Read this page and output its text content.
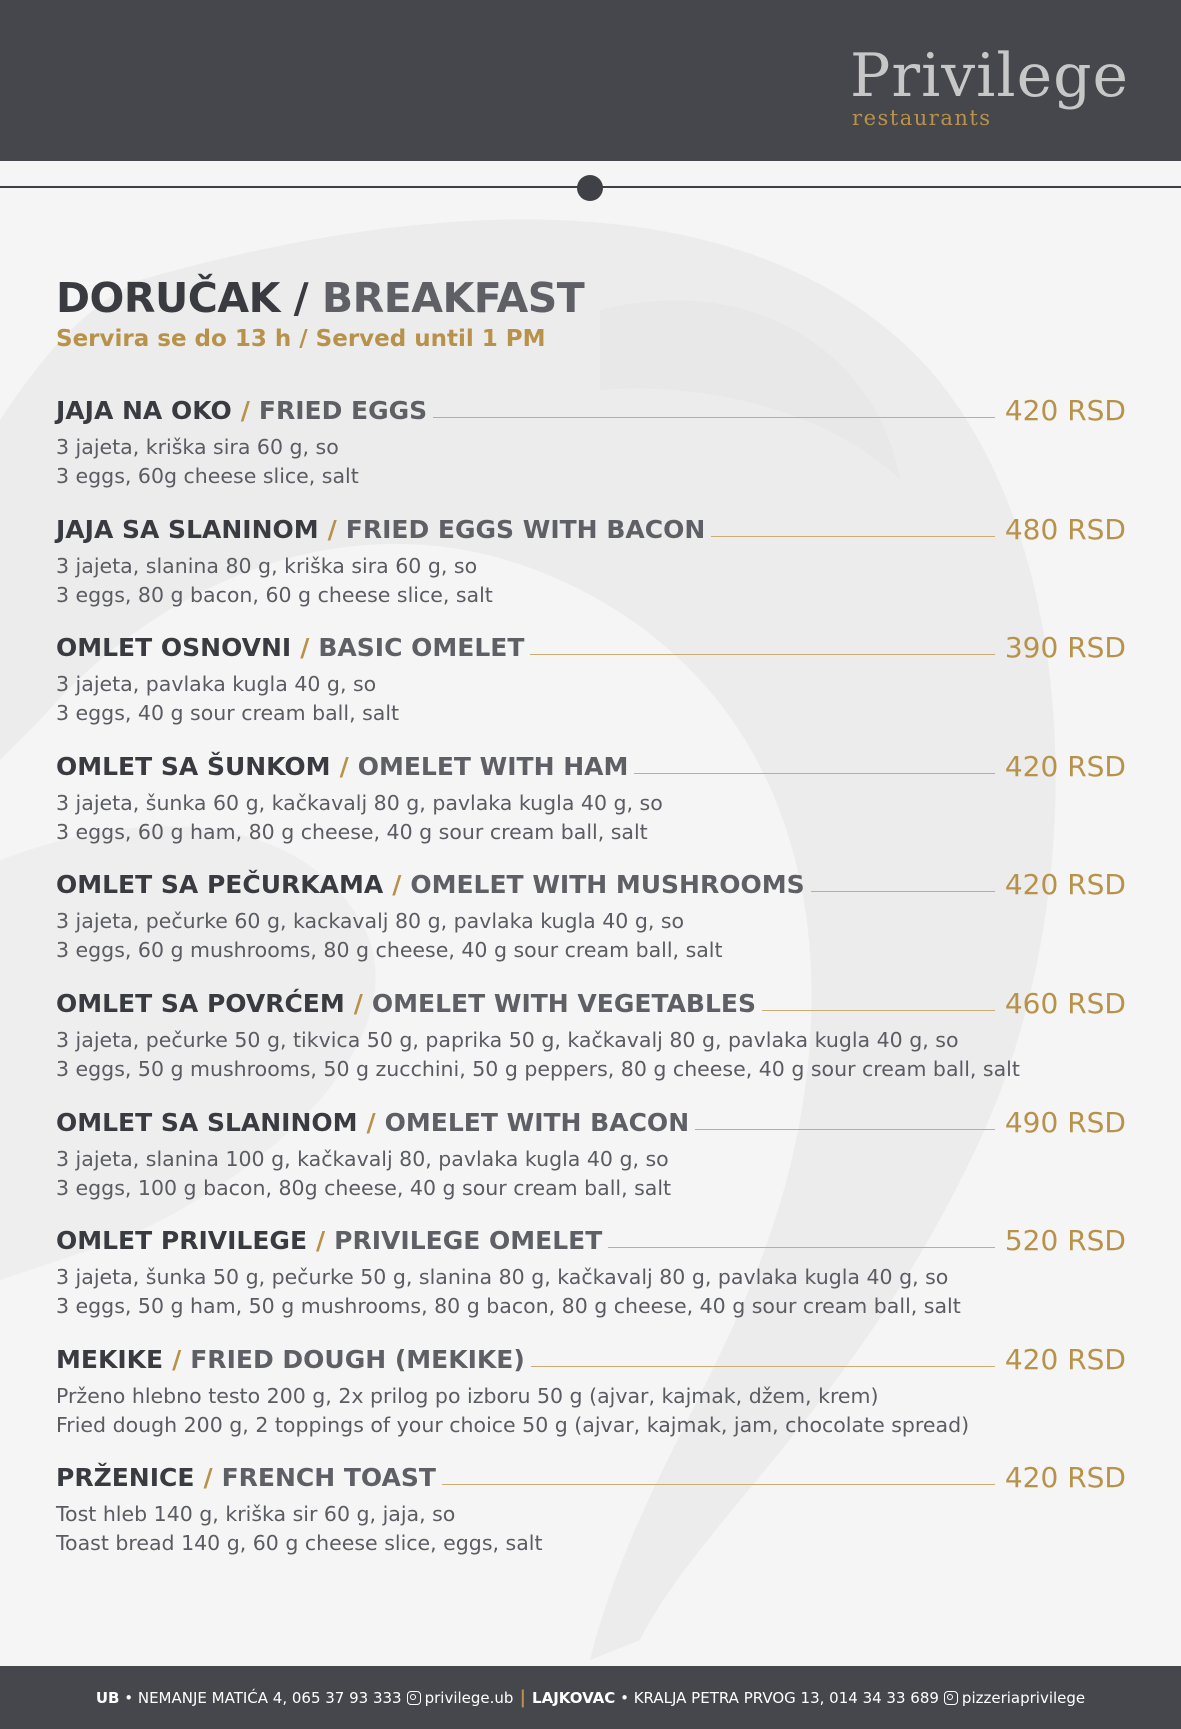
Privilege
restaurants
DORUČAK / BREAKFAST
Servira se do 13 h / Served until 1 PM
JAJA NA OKO / FRIED EGGS	420 RSD
3 jajeta, kriška sira 60 g, so
3 eggs, 60g cheese slice, salt
JAJA SA SLANINOM / FRIED EGGS WITH BACON	480 RSD
3 jajeta, slanina 80 g, kriška sira 60 g, so
3 eggs, 80 g bacon, 60 g cheese slice, salt
OMLET OSNOVNI / BASIC OMELET	390 RSD
3 jajeta, pavlaka kugla 40 g, so
3 eggs, 40 g sour cream ball, salt
OMLET SA ŠUNKOM / OMELET WITH HAM	420 RSD
3 jajeta, šunka 60 g, kačkavalj 80 g, pavlaka kugla 40 g, so
3 eggs, 60 g ham, 80 g cheese, 40 g sour cream ball, salt
OMLET SA PEČURKAMA / OMELET WITH MUSHROOMS	420 RSD
3 jajeta, pečurke 60 g, kackavalj 80 g, pavlaka kugla 40 g, so
3 eggs, 60 g mushrooms, 80 g cheese, 40 g sour cream ball, salt
OMLET SA POVRĆEM / OMELET WITH VEGETABLES	460 RSD
3 jajeta, pečurke 50 g, tikvica 50 g, paprika 50 g, kačkavalj 80 g, pavlaka kugla 40 g, so
3 eggs, 50 g mushrooms, 50 g zucchini, 50 g peppers, 80 g cheese, 40 g sour cream ball, salt
OMLET SA SLANINOM / OMELET WITH BACON	490 RSD
3 jajeta, slanina 100 g, kačkavalj 80, pavlaka kugla 40 g, so
3 eggs, 100 g bacon, 80g cheese, 40 g sour cream ball, salt
OMLET PRIVILEGE / PRIVILEGE OMELET	520 RSD
3 jajeta, šunka 50 g, pečurke 50 g, slanina 80 g, kačkavalj 80 g, pavlaka kugla 40 g, so
3 eggs, 50 g ham, 50 g mushrooms, 80 g bacon, 80 g cheese, 40 g sour cream ball, salt
MEKIKE / FRIED DOUGH (MEKIKE)	420 RSD
Prženo hlebno testo 200 g, 2x prilog po izboru 50 g (ajvar, kajmak, džem, krem)
Fried dough 200 g, 2 toppings of your choice 50 g (ajvar, kajmak, jam, chocolate spread)
PRŽENICE / FRENCH TOAST	420 RSD
Tost hleb 140 g, kriška sir 60 g, jaja, so
Toast bread 140 g, 60 g cheese slice, eggs, salt
UB
•
NEMANJE MATIĆA 4, 065 37 93 333 privilege.ub | LAJKOVAC
•
KRALJA PETRA PRVOG 13, 014 34 33 689 pizzeriaprivilege
